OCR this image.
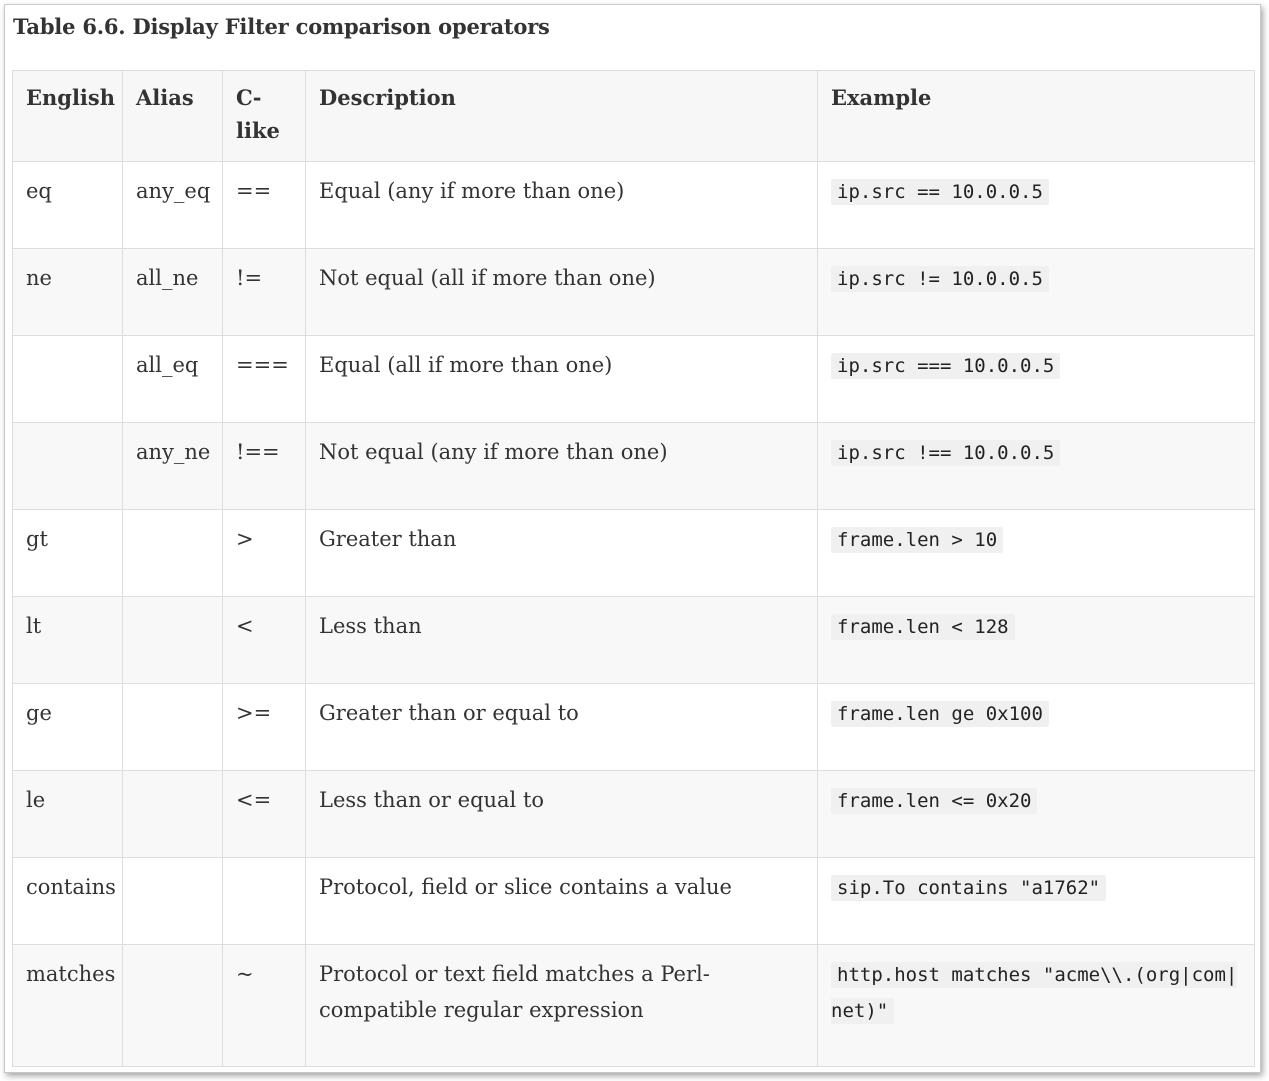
Table 6.6. Display Filter comparison operators
English	Alias	C-like	Description	Example
eq	any_eq	==	Equal (any if more than one)	ip.src == 10.0.0.5
ne	all_ne	!=	Not equal (all if more than one)	ip.src != 10.0.0.5
	all_eq	===	Equal (all if more than one)	ip.src === 10.0.0.5
	any_ne	!==	Not equal (any if more than one)	ip.src !== 10.0.0.5
gt		>	Greater than	frame.len > 10
lt		<	Less than	frame.len < 128
ge		>=	Greater than or equal to	frame.len ge 0x100
le		<=	Less than or equal to	frame.len <= 0x20
contains			Protocol, field or slice contains a value	sip.To contains "a1762"
matches		~	Protocol or text field matches a Perl-compatible regular expression	http.host matches "acme\\.(org|com|net)"
